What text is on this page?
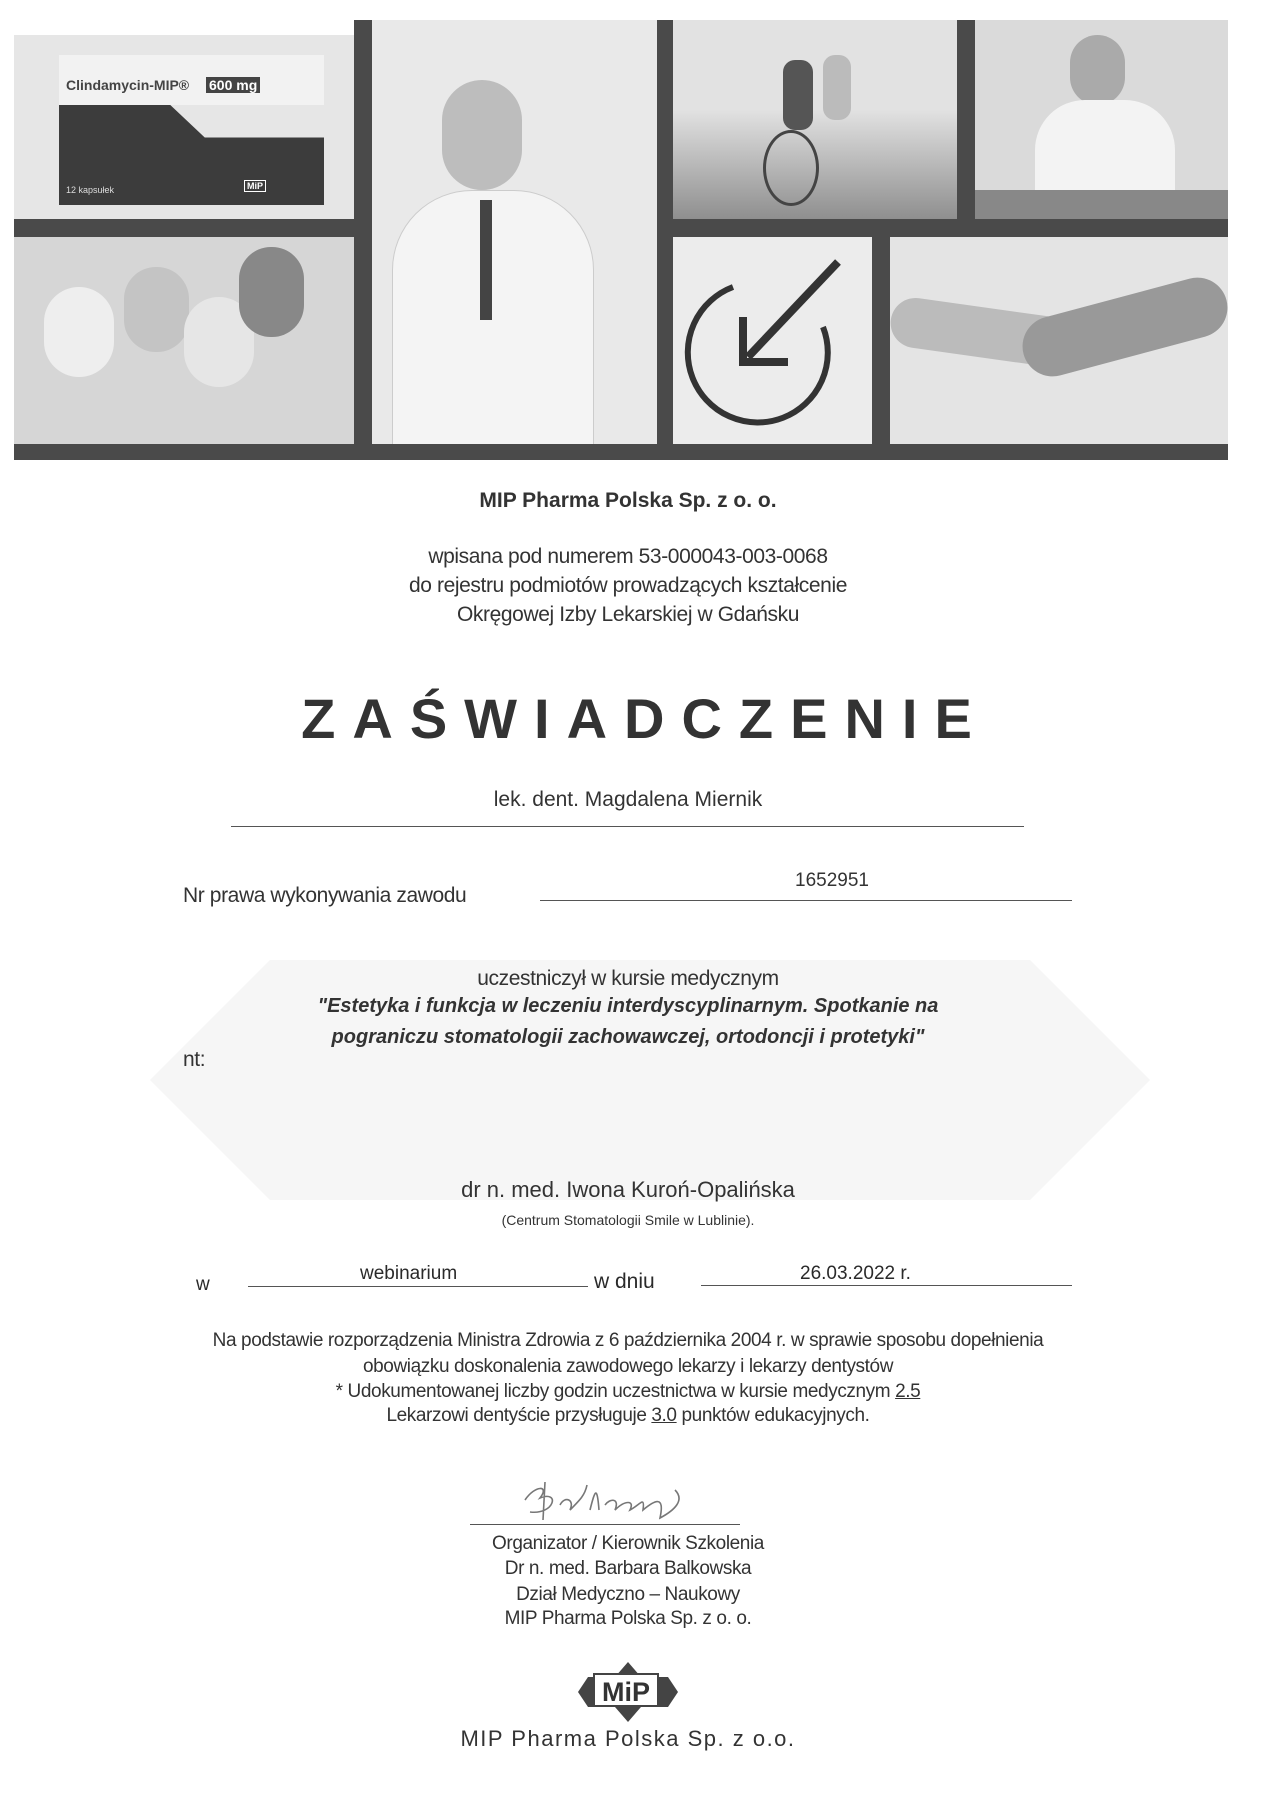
Clindamycin-MIP® 600 mg
12 kapsułek	MiP
MIP Pharma Polska Sp. z o. o.
wpisana pod numerem 53-000043-003-0068
do rejestru podmiotów prowadzących kształcenie
Okręgowej Izby Lekarskiej w Gdańsku
ZAŚWIADCZENIE
lek. dent. Magdalena Miernik
Nr prawa wykonywania zawodu
1652951
uczestniczył w kursie medycznym
"Estetyka i funkcja w leczeniu interdyscyplinarnym. Spotkanie na
pograniczu stomatologii zachowawczej, ortodoncji i protetyki"
nt:
dr n. med. Iwona Kuroń-Opalińska
(Centrum Stomatologii Smile w Lublinie).
w
webinarium	w dniu	26.03.2022 r.
Na podstawie rozporządzenia Ministra Zdrowia z 6 października 2004 r. w sprawie sposobu dopełnienia
obowiązku doskonalenia zawodowego lekarzy i lekarzy dentystów
* Udokumentowanej liczby godzin uczestnictwa w kursie medycznym 2.5
Lekarzowi dentyście przysługuje 3.0 punktów edukacyjnych.
Organizator / Kierownik Szkolenia
Dr n. med. Barbara Balkowska
Dział Medyczno – Naukowy
MIP Pharma Polska Sp. z o. o.
MiP
MIP Pharma Polska Sp. z o.o.
